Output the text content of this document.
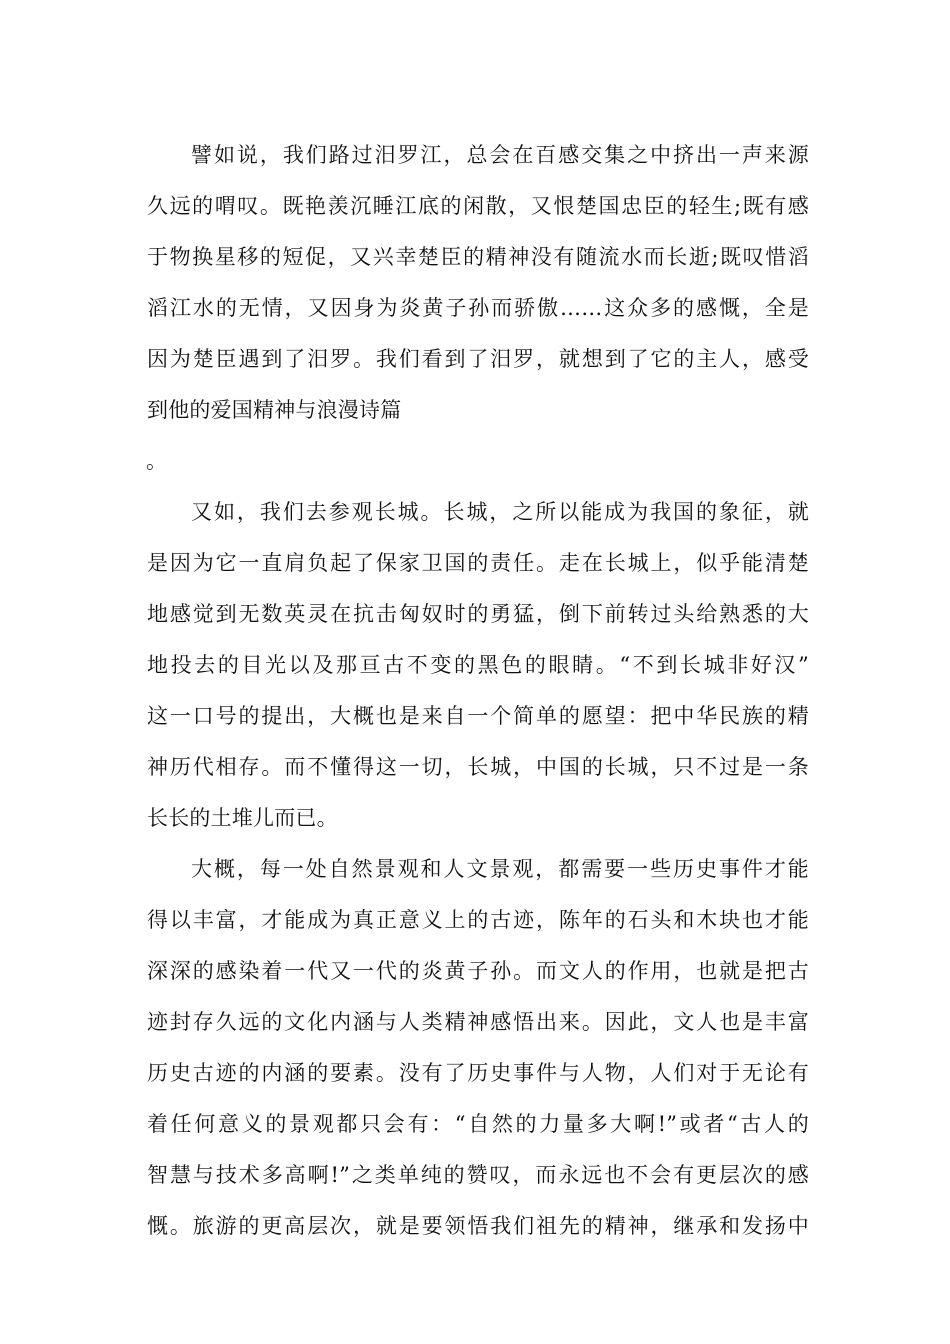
譬如说，我们路过汨罗江，总会在百感交集之中挤出一声来源
久远的喟叹。既艳羡沉睡江底的闲散，又恨楚国忠臣的轻生;既有感
于物换星移的短促，又兴幸楚臣的精神没有随流水而长逝;既叹惜滔
滔江水的无情，又因身为炎黄子孙而骄傲……这众多的感慨，全是
因为楚臣遇到了汨罗。我们看到了汨罗，就想到了它的主人，感受
到他的爱国精神与浪漫诗篇
。
又如，我们去参观长城。长城，之所以能成为我国的象征，就
是因为它一直肩负起了保家卫国的责任。走在长城上，似乎能清楚
地感觉到无数英灵在抗击匈奴时的勇猛，倒下前转过头给熟悉的大
地投去的目光以及那亘古不变的黑色的眼睛。“不到长城非好汉”
这一口号的提出，大概也是来自一个简单的愿望：把中华民族的精
神历代相存。而不懂得这一切，长城，中国的长城，只不过是一条
长长的土堆儿而已。
大概，每一处自然景观和人文景观，都需要一些历史事件才能
得以丰富，才能成为真正意义上的古迹，陈年的石头和木块也才能
深深的感染着一代又一代的炎黄子孙。而文人的作用，也就是把古
迹封存久远的文化内涵与人类精神感悟出来。因此，文人也是丰富
历史古迹的内涵的要素。没有了历史事件与人物，人们对于无论有
着任何意义的景观都只会有：“自然的力量多大啊!”或者“古人的
智慧与技术多高啊!”之类单纯的赞叹，而永远也不会有更层次的感
慨。旅游的更高层次，就是要领悟我们祖先的精神，继承和发扬中
